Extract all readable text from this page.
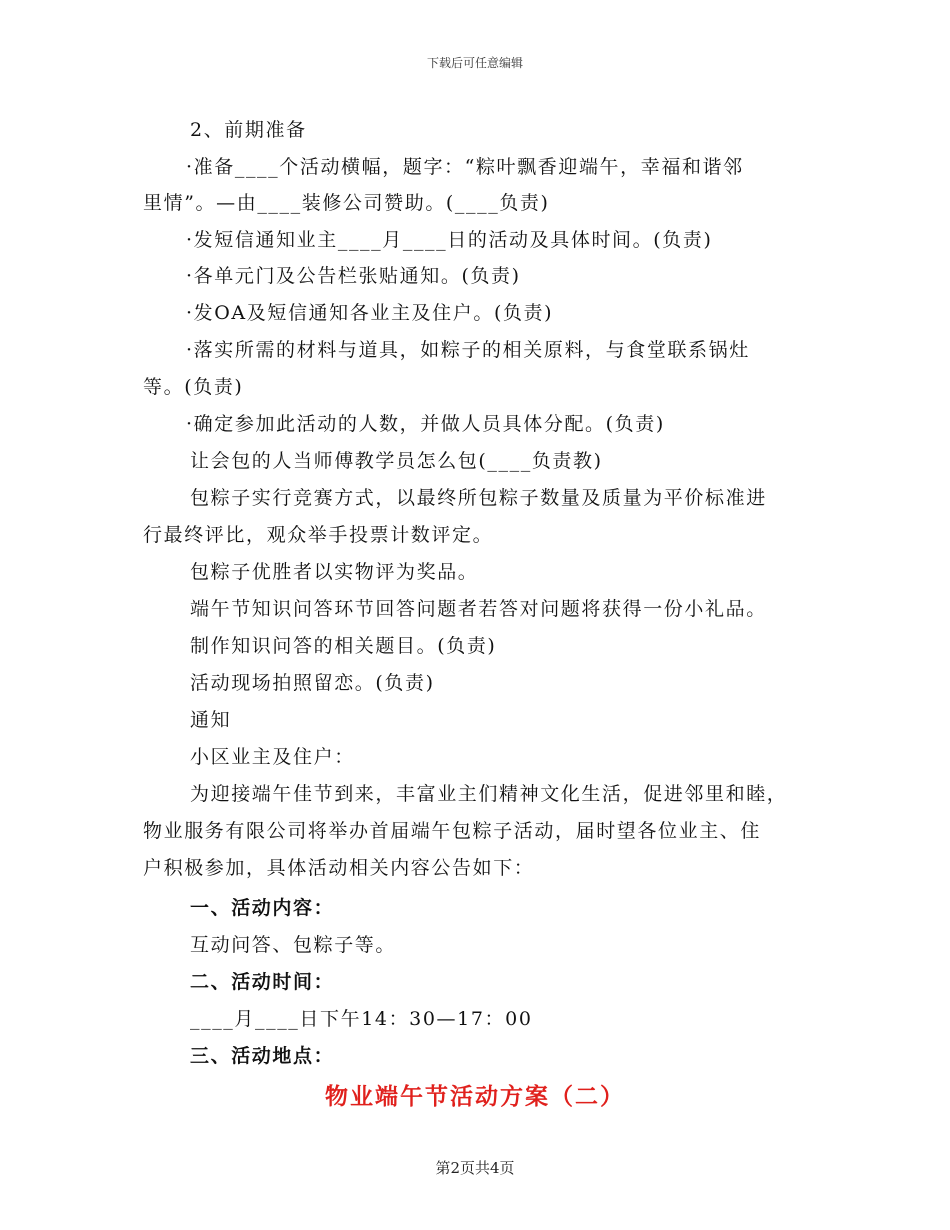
下载后可任意编辑
2、前期准备
·准备____个活动横幅，题字：“粽叶飘香迎端午，幸福和谐邻
里情”。—由____装修公司赞助。(____负责)
·发短信通知业主____月____日的活动及具体时间。(负责)
·各单元门及公告栏张贴通知。(负责)
·发OA及短信通知各业主及住户。(负责)
·落实所需的材料与道具，如粽子的相关原料，与食堂联系锅灶
等。(负责)
·确定参加此活动的人数，并做人员具体分配。(负责)
让会包的人当师傅教学员怎么包(____负责教)
包粽子实行竞赛方式，以最终所包粽子数量及质量为平价标准进
行最终评比，观众举手投票计数评定。
包粽子优胜者以实物评为奖品。
端午节知识问答环节回答问题者若答对问题将获得一份小礼品。
制作知识问答的相关题目。(负责)
活动现场拍照留恋。(负责)
通知
小区业主及住户：
为迎接端午佳节到来，丰富业主们精神文化生活，促进邻里和睦，
物业服务有限公司将举办首届端午包粽子活动，届时望各位业主、住
户积极参加，具体活动相关内容公告如下：
一、活动内容：
互动问答、包粽子等。
二、活动时间：
____月____日下午14：30—17：00
三、活动地点：
物业端午节活动方案（二）
第2页共4页
